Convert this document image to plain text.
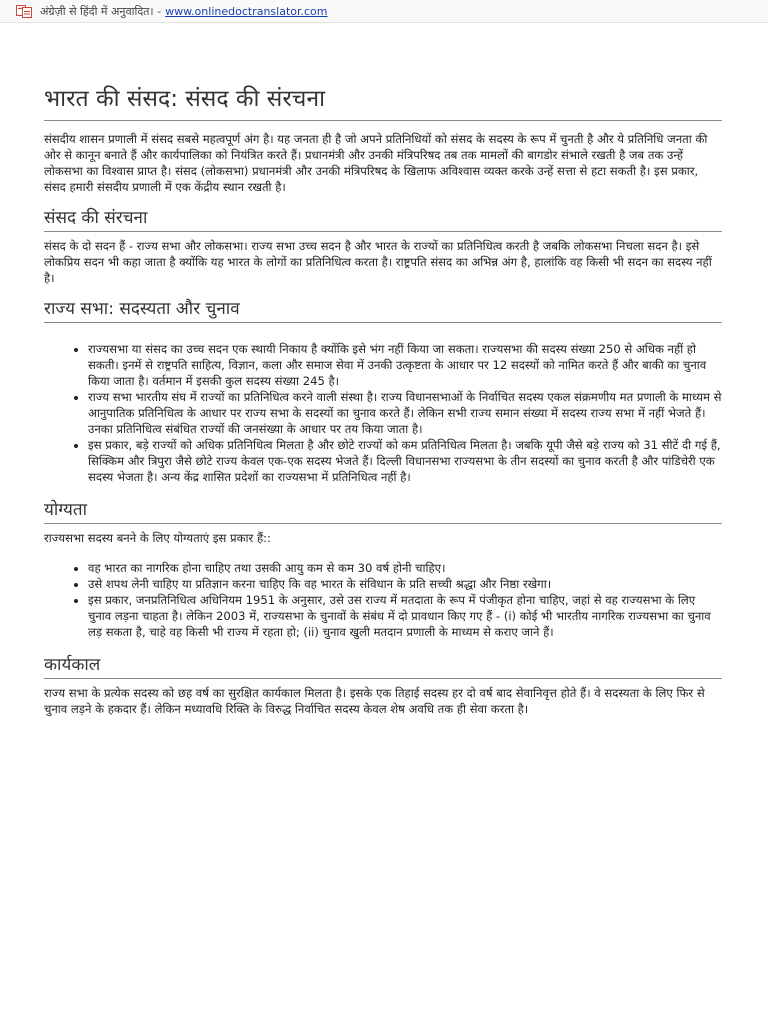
अंग्रेज़ी से हिंदी में अनुवादित। - www.onlinedoctranslator.com
भारत की संसद: संसद की संरचना

संसदीय शासन प्रणाली में संसद सबसे महत्वपूर्ण अंग है। यह जनता ही है जो अपने प्रतिनिधियों को संसद के सदस्य के रूप में चुनती है और ये प्रतिनिधि जनता की ओर से कानून बनाते हैं और कार्यपालिका को नियंत्रित करते हैं। प्रधानमंत्री और उनकी मंत्रिपरिषद तब तक मामलों की बागडोर संभाले रखती है जब तक उन्हें लोकसभा का विश्वास प्राप्त है। संसद (लोकसभा) प्रधानमंत्री और उनकी मंत्रिपरिषद के खिलाफ अविश्वास व्यक्त करके उन्हें सत्ता से हटा सकती है। इस प्रकार, संसद हमारी संसदीय प्रणाली में एक केंद्रीय स्थान रखती है।

संसद की संरचना

संसद के दो सदन हैं - राज्य सभा और लोकसभा। राज्य सभा उच्च सदन है और भारत के राज्यों का प्रतिनिधित्व करती है जबकि लोकसभा निचला सदन है। इसे लोकप्रिय सदन भी कहा जाता है क्योंकि यह भारत के लोगों का प्रतिनिधित्व करता है। राष्ट्रपति संसद का अभिन्न अंग है, हालांकि वह किसी भी सदन का सदस्य नहीं है।

राज्य सभा: सदस्यता और चुनाव
• राज्यसभा या संसद का उच्च सदन एक स्थायी निकाय है क्योंकि इसे भंग नहीं किया जा सकता। राज्यसभा की सदस्य संख्या 250 से अधिक नहीं हो सकती। इनमें से राष्ट्रपति साहित्य, विज्ञान, कला और समाज सेवा में उनकी उत्कृष्टता के आधार पर 12 सदस्यों को नामित करते हैं और बाकी का चुनाव किया जाता है। वर्तमान में इसकी कुल सदस्य संख्या 245 है।
• राज्य सभा भारतीय संघ में राज्यों का प्रतिनिधित्व करने वाली संस्था है। राज्य विधानसभाओं के निर्वाचित सदस्य एकल संक्रमणीय मत प्रणाली के माध्यम से आनुपातिक प्रतिनिधित्व के आधार पर राज्य सभा के सदस्यों का चुनाव करते हैं। लेकिन सभी राज्य समान संख्या में सदस्य राज्य सभा में नहीं भेजते हैं। उनका प्रतिनिधित्व संबंधित राज्यों की जनसंख्या के आधार पर तय किया जाता है।
• इस प्रकार, बड़े राज्यों को अधिक प्रतिनिधित्व मिलता है और छोटे राज्यों को कम प्रतिनिधित्व मिलता है। जबकि यूपी जैसे बड़े राज्य को 31 सीटें दी गई हैं, सिक्किम और त्रिपुरा जैसे छोटे राज्य केवल एक-एक सदस्य भेजते हैं। दिल्ली विधानसभा राज्यसभा के तीन सदस्यों का चुनाव करती है और पांडिचेरी एक सदस्य भेजता है। अन्य केंद्र शासित प्रदेशों का राज्यसभा में प्रतिनिधित्व नहीं है।
योग्यता

राज्यसभा सदस्य बनने के लिए योग्यताएं इस प्रकार हैं::

• वह भारत का नागरिक होना चाहिए तथा उसकी आयु कम से कम 30 वर्ष होनी चाहिए।
• उसे शपथ लेनी चाहिए या प्रतिज्ञान करना चाहिए कि वह भारत के संविधान के प्रति सच्ची श्रद्धा और निष्ठा रखेगा।
• इस प्रकार, जनप्रतिनिधित्व अधिनियम 1951 के अनुसार, उसे उस राज्य में मतदाता के रूप में पंजीकृत होना चाहिए, जहां से वह राज्यसभा के लिए चुनाव लड़ना चाहता है। लेकिन 2003 में, राज्यसभा के चुनावों के संबंध में दो प्रावधान किए गए हैं - (i) कोई भी भारतीय नागरिक राज्यसभा का चुनाव लड़ सकता है, चाहे वह किसी भी राज्य में रहता हो; (ii) चुनाव खुली मतदान प्रणाली के माध्यम से कराए जाने हैं।
कार्यकाल

राज्य सभा के प्रत्येक सदस्य को छह वर्ष का सुरक्षित कार्यकाल मिलता है। इसके एक तिहाई सदस्य हर दो वर्ष बाद सेवानिवृत्त होते हैं। वे सदस्यता के लिए फिर से चुनाव लड़ने के हकदार हैं। लेकिन मध्यावधि रिक्ति के विरुद्ध निर्वाचित सदस्य केवल शेष अवधि तक ही सेवा करता है।
